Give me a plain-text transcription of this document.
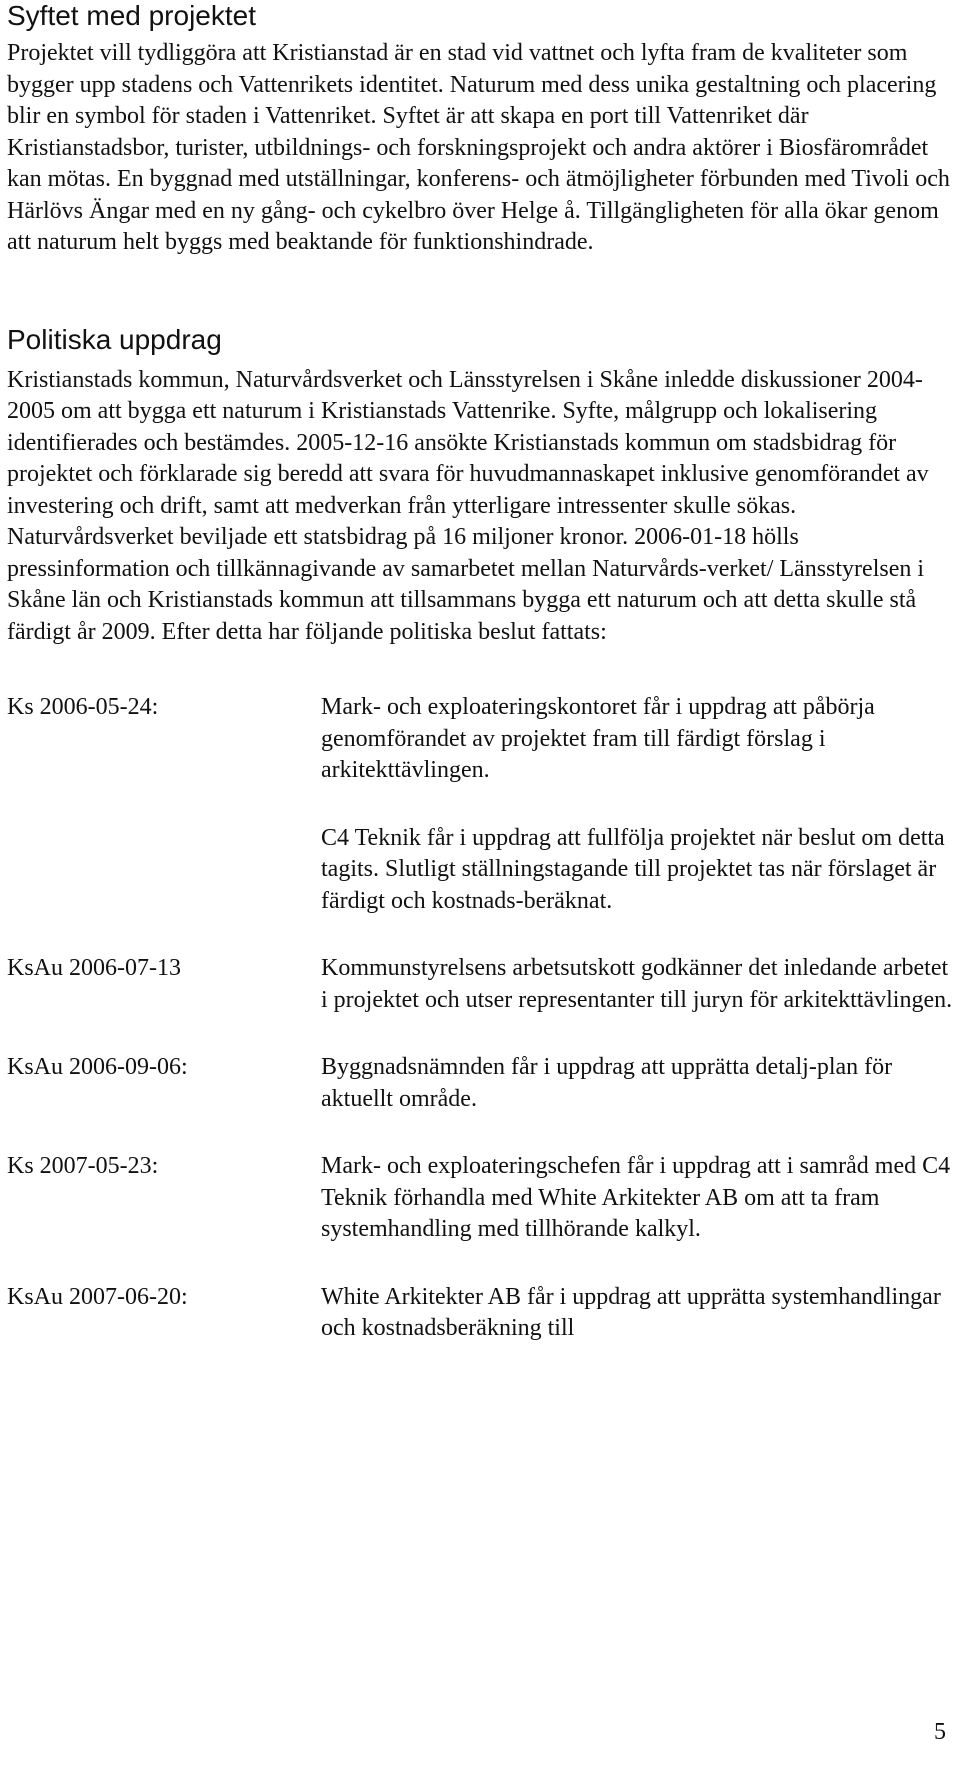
Syftet med projektet

Projektet vill tydliggöra att Kristianstad är en stad vid vattnet och lyfta fram de kvaliteter som bygger upp stadens och Vattenrikets identitet. Naturum med dess unika gestaltning och placering blir en symbol för staden i Vattenriket. Syftet är att skapa en port till Vattenriket där Kristianstadsbor, turister, utbildnings- och forskningsprojekt och andra aktörer i Biosfärområdet kan mötas. En byggnad med utställningar, konferens- och ätmöjligheter förbunden med Tivoli och Härlövs Ängar med en ny gång- och cykelbro över Helge å. Tillgängligheten för alla ökar genom att naturum helt byggs med beaktande för funktionshindrade.

Politiska uppdrag

Kristianstads kommun, Naturvårdsverket och Länsstyrelsen i Skåne inledde diskussioner 2004-2005 om att bygga ett naturum i Kristianstads Vattenrike. Syfte, målgrupp och lokalisering identifierades och bestämdes. 2005-12-16 ansökte Kristianstads kommun om stadsbidrag för projektet och förklarade sig beredd att svara för huvudmannaskapet inklusive genomförandet av investering och drift, samt att medverkan från ytterligare intressenter skulle sökas. Naturvårdsverket beviljade ett statsbidrag på 16 miljoner kronor. 2006-01-18 hölls pressinformation och tillkännagivande av samarbetet mellan Naturvårds-verket/ Länsstyrelsen i Skåne län och Kristianstads kommun att tillsammans bygga ett naturum och att detta skulle stå färdigt år 2009. Efter detta har följande politiska beslut fattats:

Ks 2006-05-24:	Mark- och exploateringskontoret får i uppdrag att påbörja genomförandet av projektet fram till färdigt förslag i arkitekttävlingen.
C4 Teknik får i uppdrag att fullfölja projektet när beslut om detta tagits. Slutligt ställningstagande till projektet tas när förslaget är färdigt och kostnads-beräknat.
KsAu 2006-07-13	Kommunstyrelsens arbetsutskott godkänner det inledande arbetet i projektet och utser representanter till juryn för arkitekttävlingen.
KsAu 2006-09-06:	Byggnadsnämnden får i uppdrag att upprätta detalj-plan för aktuellt område.
Ks 2007-05-23:	Mark- och exploateringschefen får i uppdrag att i samråd med C4 Teknik förhandla med White Arkitekter AB om att ta fram systemhandling med tillhörande kalkyl.
KsAu 2007-06-20:	White Arkitekter AB får i uppdrag att upprätta systemhandlingar och kostnadsberäkning till
5
